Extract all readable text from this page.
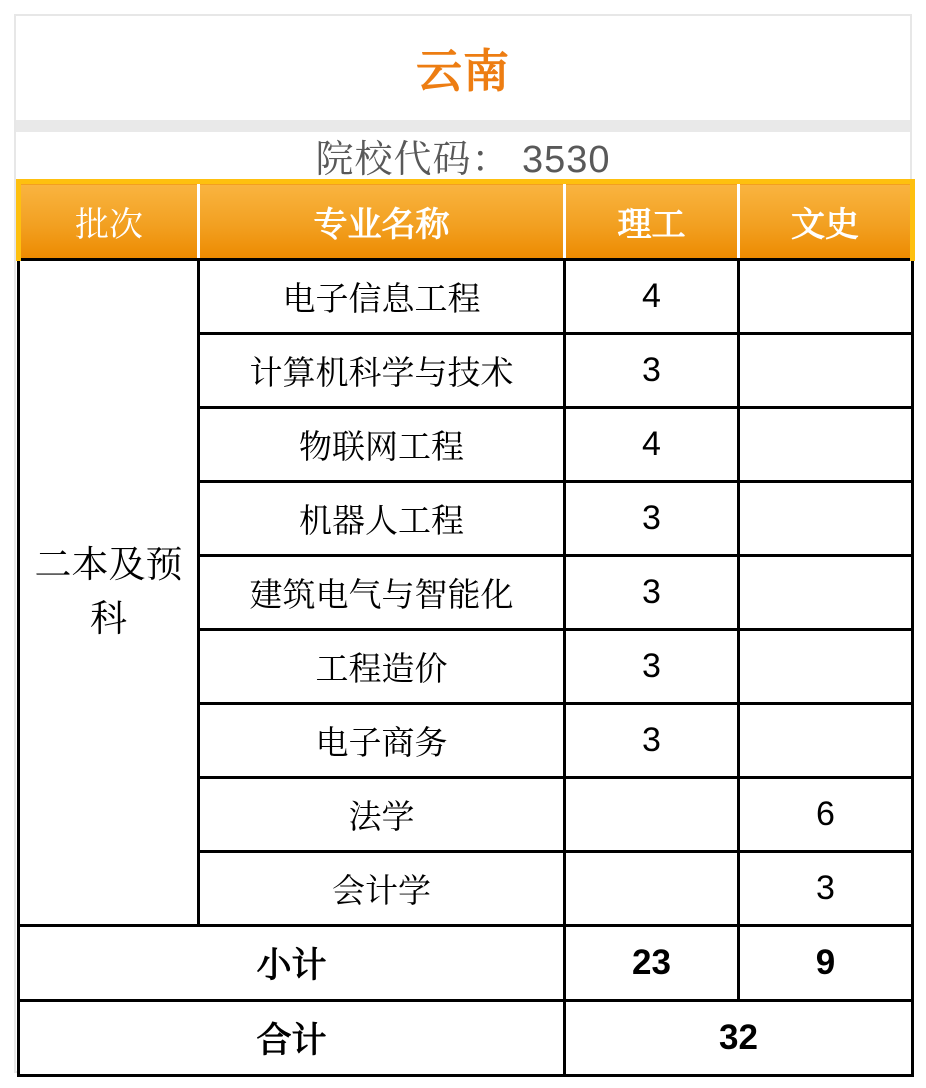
云南
院校代码： 3530
批次	专业名称	理工	文史

二本及预科	电子信息工程	4	
	计算机科学与技术	3	
	物联网工程	4	
	机器人工程	3	
	建筑电气与智能化	3	
	工程造价	3	
	电子商务	3	
	法学		6
	会计学		3
小计		23	9
合计		32	
